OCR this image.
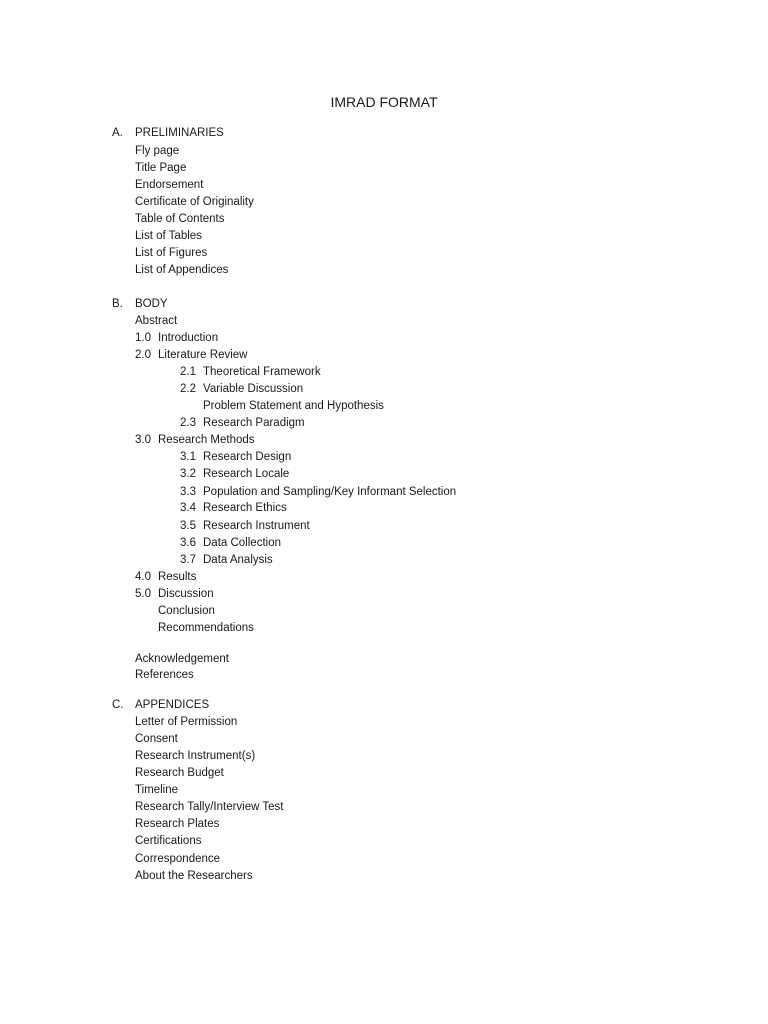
IMRAD FORMAT
A. PRELIMINARIES
Fly page
Title Page
Endorsement
Certificate of Originality
Table of Contents
List of Tables
List of Figures
List of Appendices
B. BODY
Abstract
1.0 Introduction
2.0 Literature Review
2.1 Theoretical Framework
2.2 Variable Discussion
Problem Statement and Hypothesis
2.3 Research Paradigm
3.0 Research Methods
3.1 Research Design
3.2 Research Locale
3.3 Population and Sampling/Key Informant Selection
3.4 Research Ethics
3.5 Research Instrument
3.6 Data Collection
3.7 Data Analysis
4.0 Results
5.0 Discussion
Conclusion
Recommendations
Acknowledgement
References
C. APPENDICES
Letter of Permission
Consent
Research Instrument(s)
Research Budget
Timeline
Research Tally/Interview Test
Research Plates
Certifications
Correspondence
About the Researchers
